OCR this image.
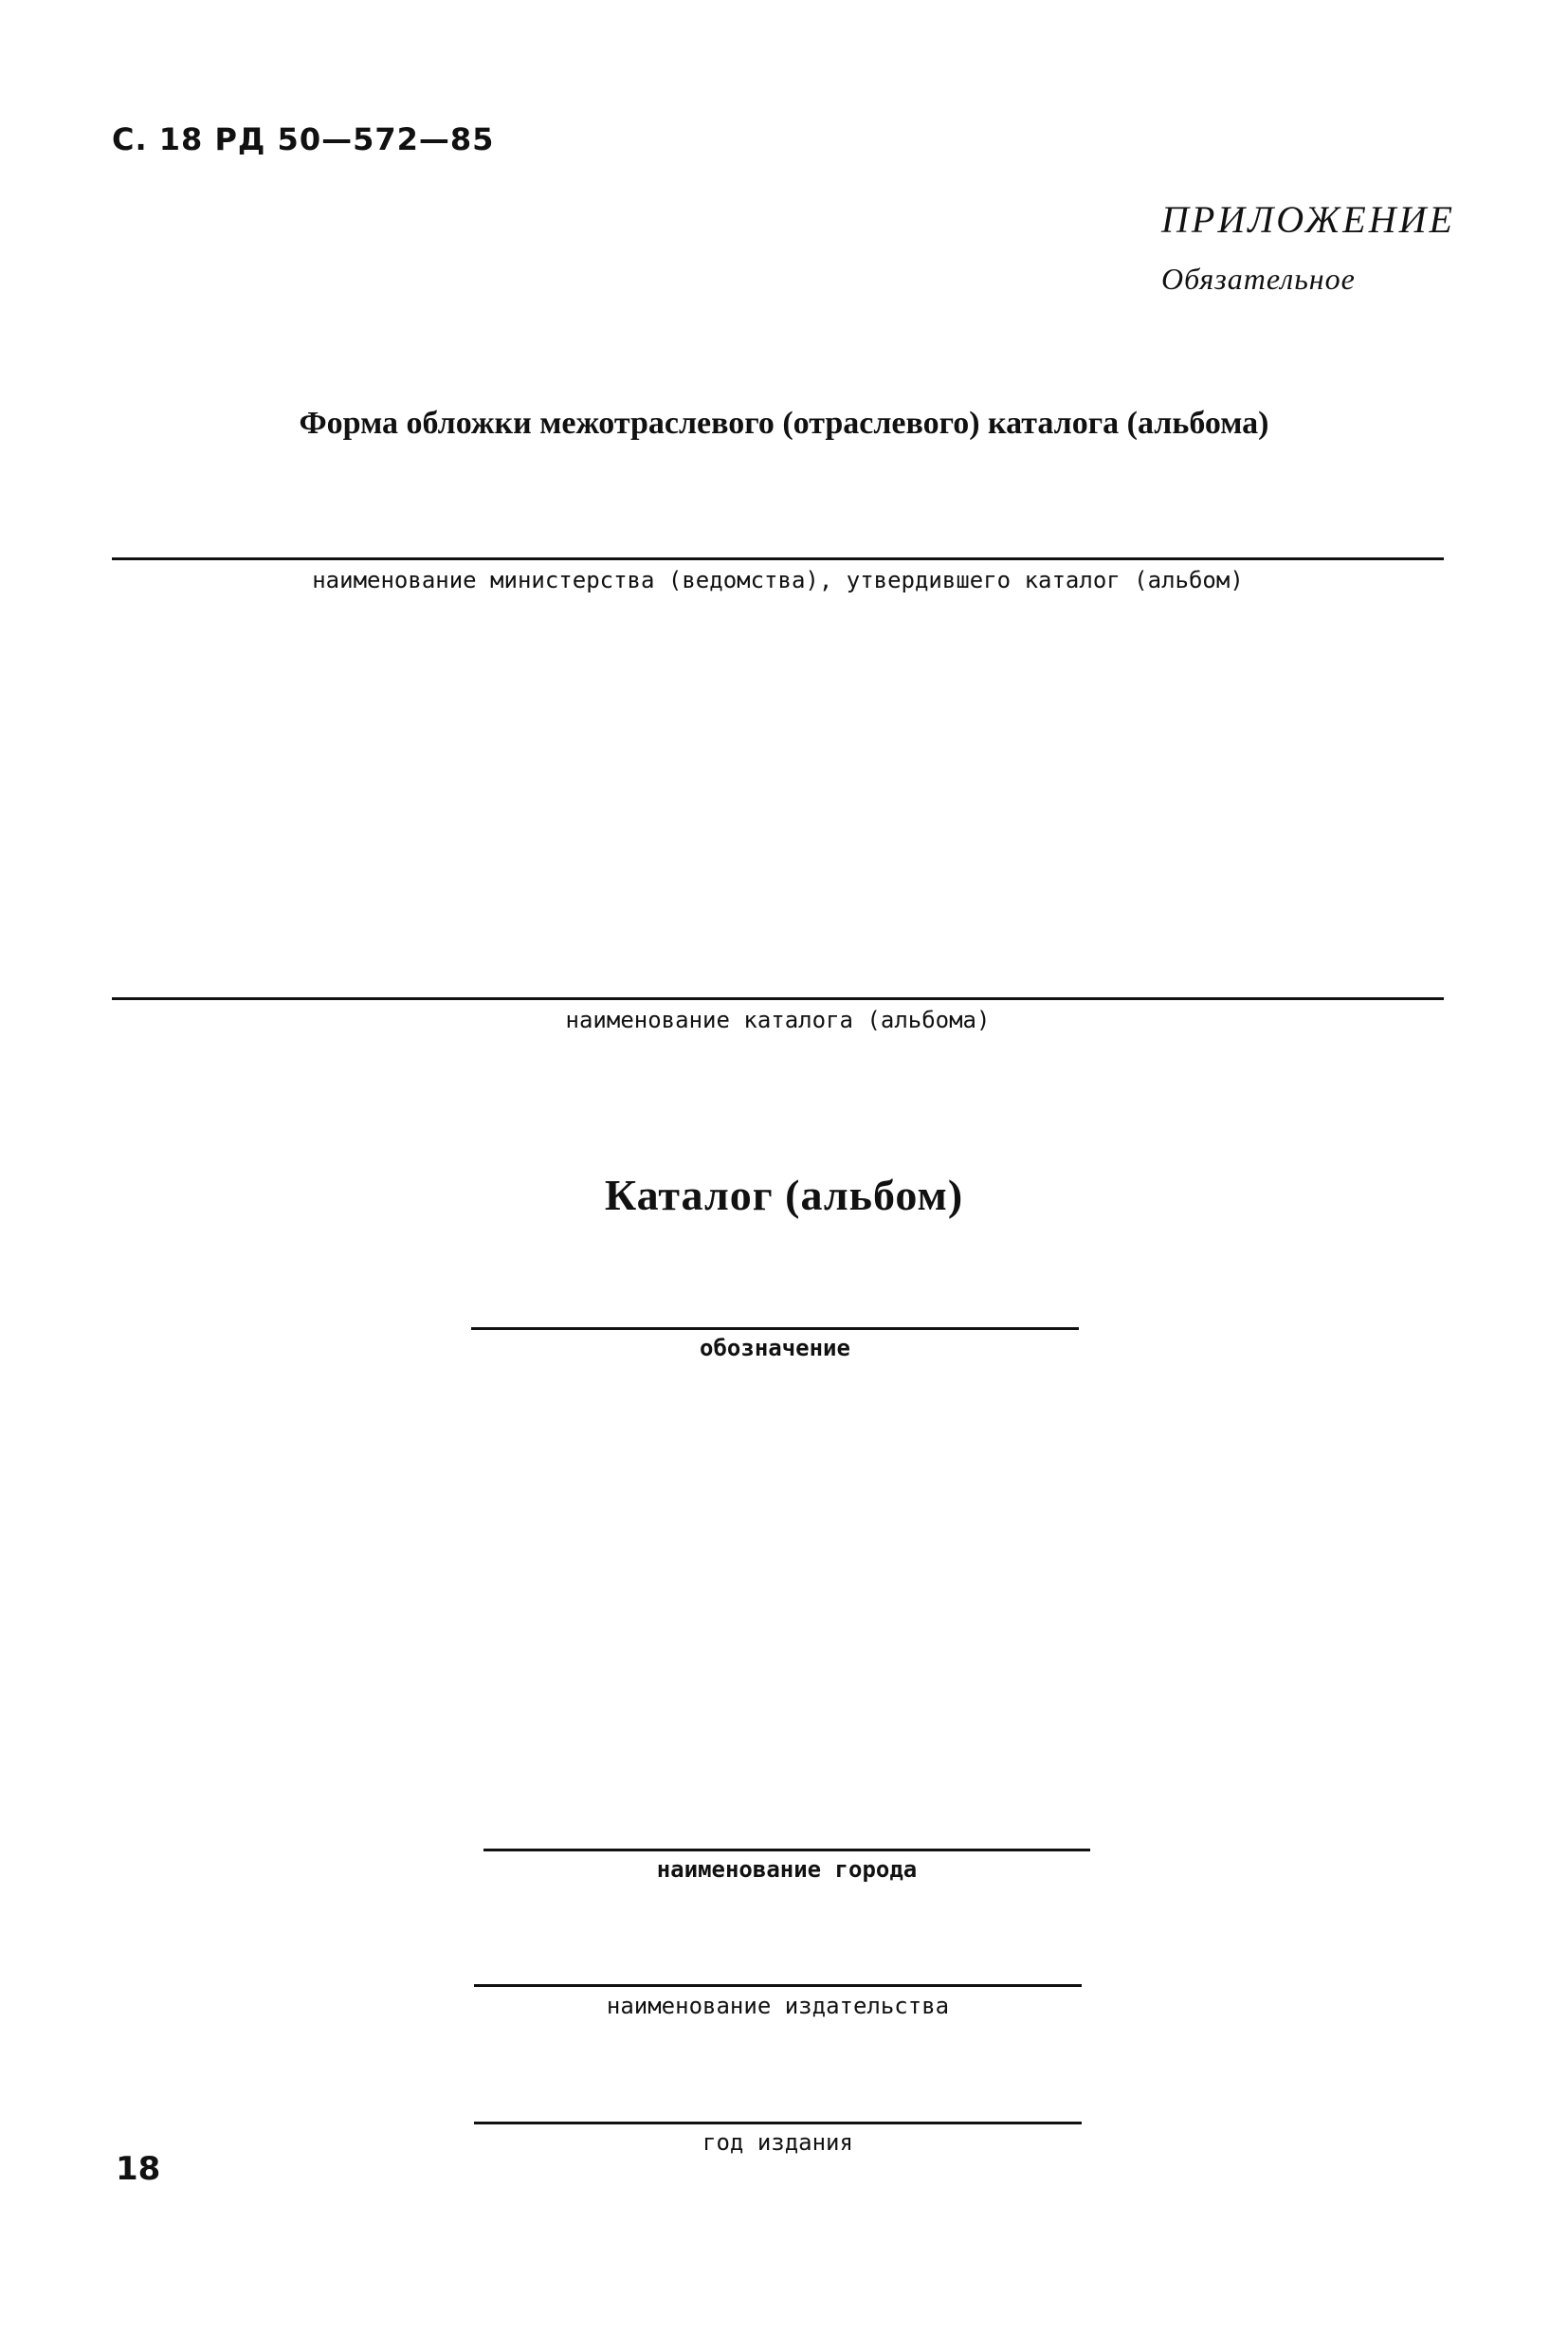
С. 18 РД 50—572—85
ПРИЛОЖЕНИЕ
Обязательное
Форма обложки межотраслевого (отраслевого) каталога (альбома)
наименование министерства (ведомства), утвердившего каталог (альбом)
наименование каталога (альбома)
Каталог (альбом)
обозначение
наименование города
наименование издательства
год издания
18
